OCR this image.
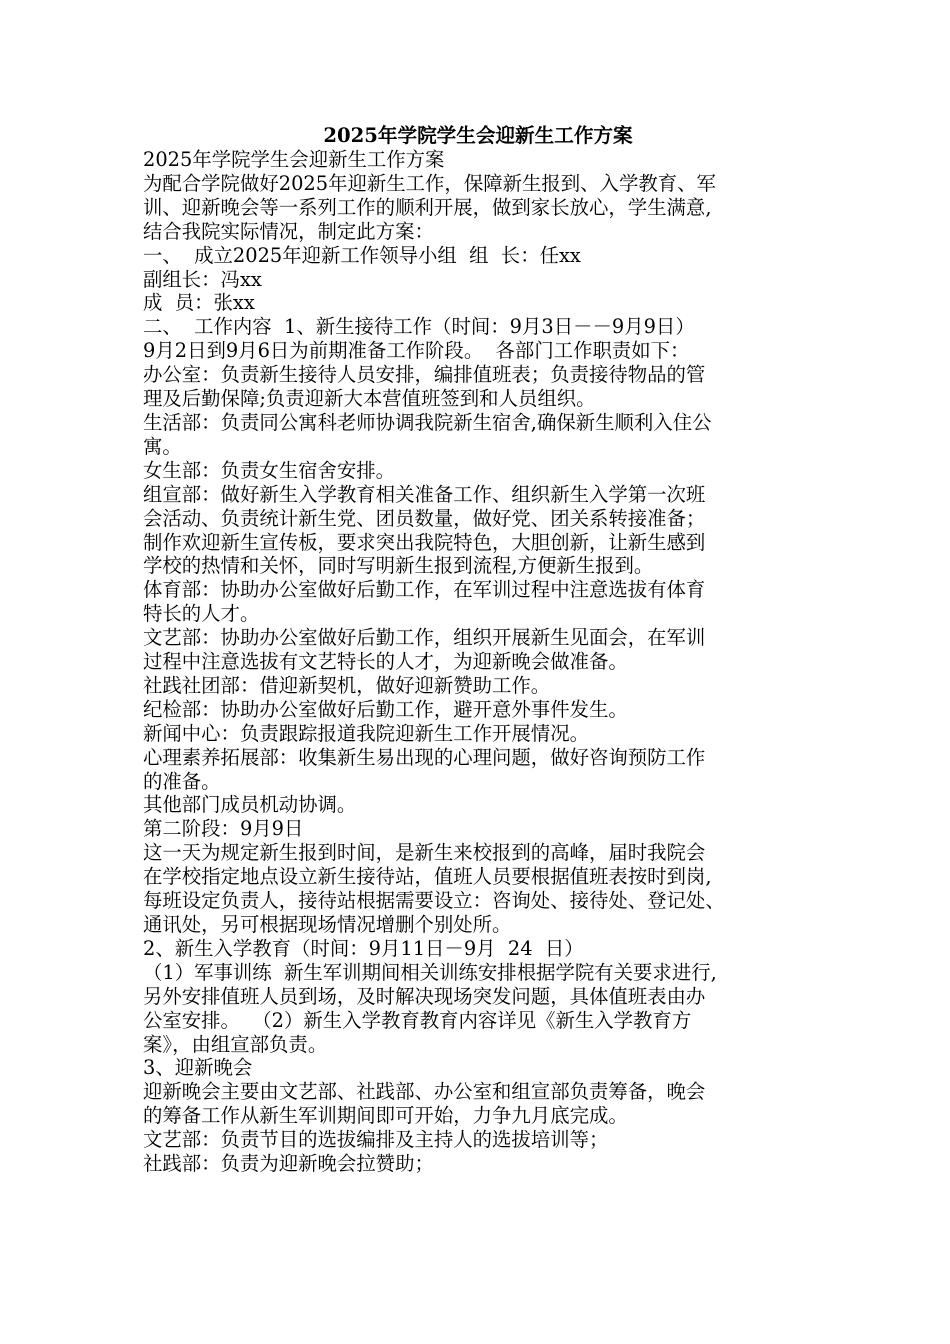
2025年学院学生会迎新生工作方案
2025年学院学生会迎新生工作方案
为配合学院做好2025年迎新生工作，保障新生报到、入学教育、军
训、迎新晚会等一系列工作的顺利开展，做到家长放心，学生满意,
结合我院实际情况，制定此方案：
一、  成立2025年迎新工作领导小组  组  长：任xx
副组长：冯xx
成  员：张xx
二、  工作内容  1、新生接待工作（时间：9月3日－－9月9日）
9月2日到9月6日为前期准备工作阶段。  各部门工作职责如下：
办公室：负责新生接待人员安排，编排值班表；负责接待物品的管
理及后勤保障;负责迎新大本营值班签到和人员组织。
生活部：负责同公寓科老师协调我院新生宿舍,确保新生顺利入住公
寓。
女生部：负责女生宿舍安排。
组宣部：做好新生入学教育相关准备工作、组织新生入学第一次班
会活动、负责统计新生党、团员数量，做好党、团关系转接准备；
制作欢迎新生宣传板，要求突出我院特色，大胆创新，让新生感到
学校的热情和关怀，同时写明新生报到流程,方便新生报到。
体育部：协助办公室做好后勤工作，在军训过程中注意选拔有体育
特长的人才。
文艺部：协助办公室做好后勤工作，组织开展新生见面会，在军训
过程中注意选拔有文艺特长的人才，为迎新晚会做准备。
社践社团部：借迎新契机，做好迎新赞助工作。
纪检部：协助办公室做好后勤工作，避开意外事件发生。
新闻中心：负责跟踪报道我院迎新生工作开展情况。
心理素养拓展部：收集新生易出现的心理问题，做好咨询预防工作
的准备。
其他部门成员机动协调。
第二阶段：9月9日
这一天为规定新生报到时间，是新生来校报到的高峰，届时我院会
在学校指定地点设立新生接待站，值班人员要根据值班表按时到岗,
每班设定负责人，接待站根据需要设立：咨询处、接待处、登记处、
通讯处，另可根据现场情况增删个别处所。
2、新生入学教育（时间：9月11日－9月  24  日）
（1）军事训练  新生军训期间相关训练安排根据学院有关要求进行,
另外安排值班人员到场，及时解决现场突发问题，具体值班表由办
公室安排。  （2）新生入学教育教育内容详见《新生入学教育方
案》，由组宣部负责。
3、迎新晚会
迎新晚会主要由文艺部、社践部、办公室和组宣部负责筹备，晚会
的筹备工作从新生军训期间即可开始，力争九月底完成。
文艺部：负责节目的选拔编排及主持人的选拔培训等；
社践部：负责为迎新晚会拉赞助；
